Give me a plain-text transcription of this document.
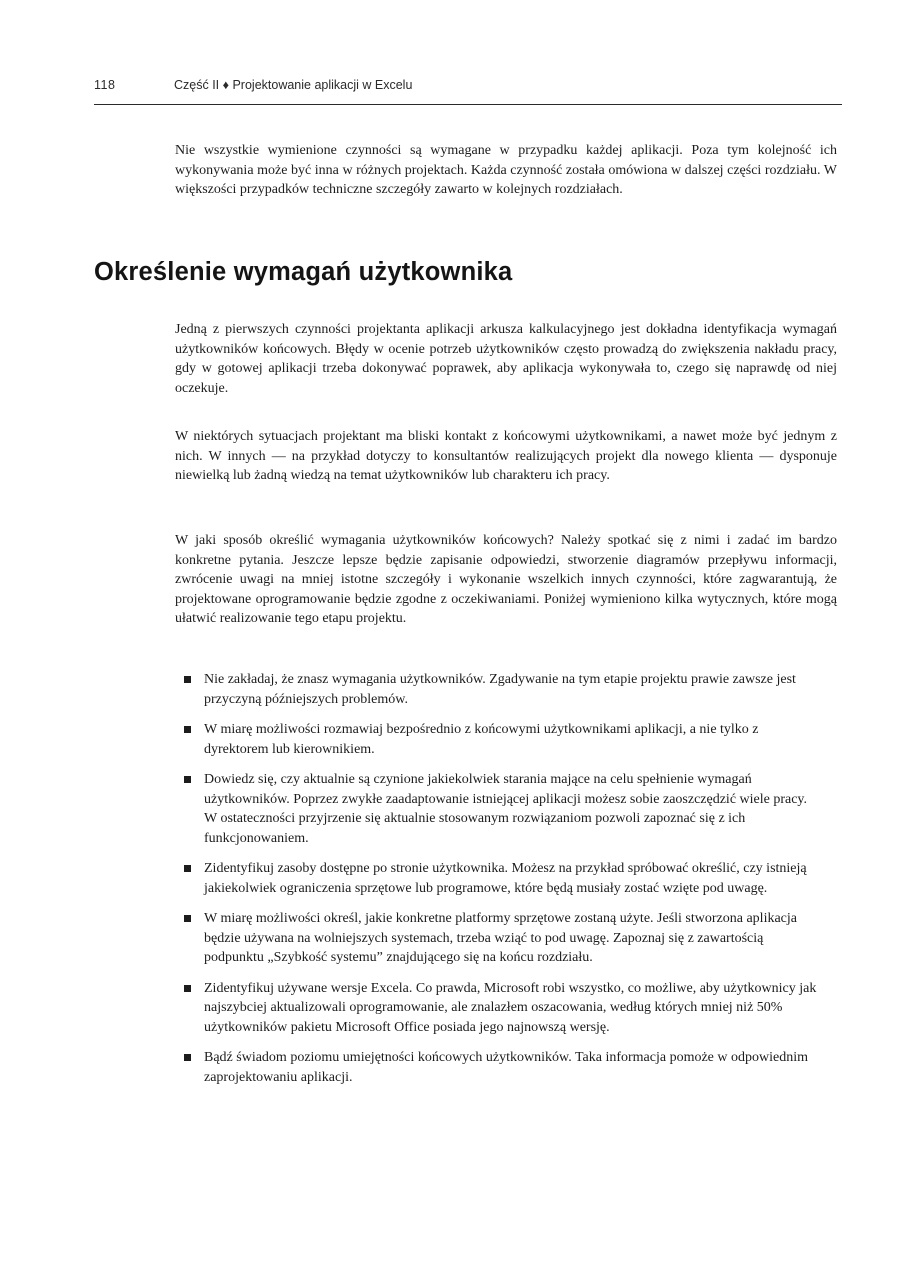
118	Część II ♦ Projektowanie aplikacji w Excelu

Nie wszystkie wymienione czynności są wymagane w przypadku każdej aplikacji. Poza tym kolejność ich wykonywania może być inna w różnych projektach. Każda czynność została omówiona w dalszej części rozdziału. W większości przypadków techniczne szczegóły zawarto w kolejnych rozdziałach.

Określenie wymagań użytkownika

Jedną z pierwszych czynności projektanta aplikacji arkusza kalkulacyjnego jest dokładna identyfikacja wymagań użytkowników końcowych. Błędy w ocenie potrzeb użytkowników często prowadzą do zwiększenia nakładu pracy, gdy w gotowej aplikacji trzeba dokonywać poprawek, aby aplikacja wykonywała to, czego się naprawdę od niej oczekuje.

W niektórych sytuacjach projektant ma bliski kontakt z końcowymi użytkownikami, a nawet może być jednym z nich. W innych — na przykład dotyczy to konsultantów realizujących projekt dla nowego klienta — dysponuje niewielką lub żadną wiedzą na temat użytkowników lub charakteru ich pracy.

W jaki sposób określić wymagania użytkowników końcowych? Należy spotkać się z nimi i zadać im bardzo konkretne pytania. Jeszcze lepsze będzie zapisanie odpowiedzi, stworzenie diagramów przepływu informacji, zwrócenie uwagi na mniej istotne szczegóły i wykonanie wszelkich innych czynności, które zagwarantują, że projektowane oprogramowanie będzie zgodne z oczekiwaniami. Poniżej wymieniono kilka wytycznych, które mogą ułatwić realizowanie tego etapu projektu.

Nie zakładaj, że znasz wymagania użytkowników. Zgadywanie na tym etapie projektu prawie zawsze jest przyczyną późniejszych problemów.
W miarę możliwości rozmawiaj bezpośrednio z końcowymi użytkownikami aplikacji, a nie tylko z dyrektorem lub kierownikiem.
Dowiedz się, czy aktualnie są czynione jakiekolwiek starania mające na celu spełnienie wymagań użytkowników. Poprzez zwykłe zaadaptowanie istniejącej aplikacji możesz sobie zaoszczędzić wiele pracy. W ostateczności przyjrzenie się aktualnie stosowanym rozwiązaniom pozwoli zapoznać się z ich funkcjonowaniem.
Zidentyfikuj zasoby dostępne po stronie użytkownika. Możesz na przykład spróbować określić, czy istnieją jakiekolwiek ograniczenia sprzętowe lub programowe, które będą musiały zostać wzięte pod uwagę.
W miarę możliwości określ, jakie konkretne platformy sprzętowe zostaną użyte. Jeśli stworzona aplikacja będzie używana na wolniejszych systemach, trzeba wziąć to pod uwagę. Zapoznaj się z zawartością podpunktu „Szybkość systemu” znajdującego się na końcu rozdziału.
Zidentyfikuj używane wersje Excela. Co prawda, Microsoft robi wszystko, co możliwe, aby użytkownicy jak najszybciej aktualizowali oprogramowanie, ale znalazłem oszacowania, według których mniej niż 50% użytkowników pakietu Microsoft Office posiada jego najnowszą wersję.
Bądź świadom poziomu umiejętności końcowych użytkowników. Taka informacja pomoże w odpowiednim zaprojektowaniu aplikacji.
